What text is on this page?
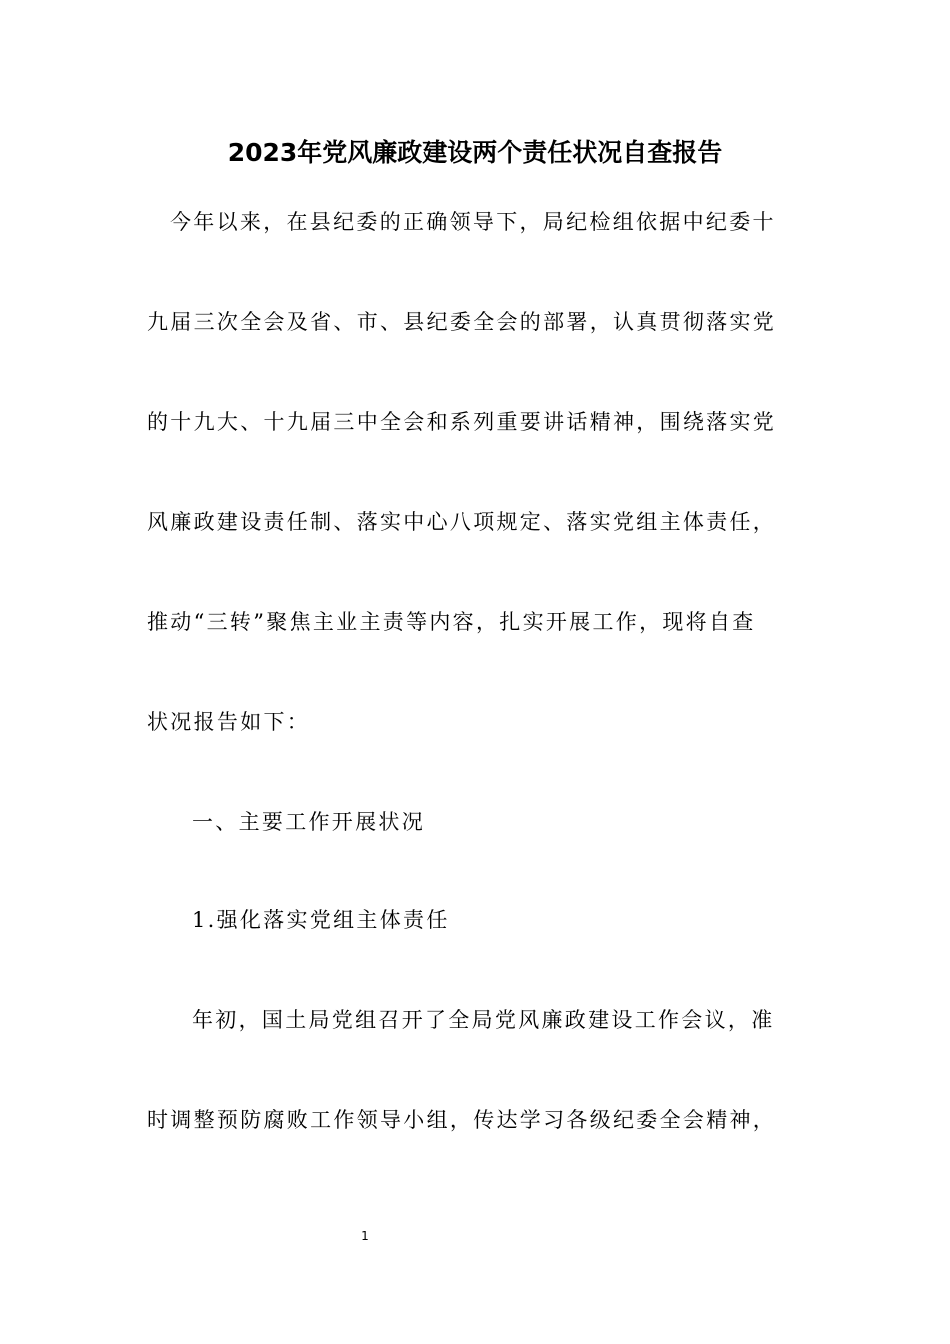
2023年党风廉政建设两个责任状况自查报告

今年以来，在县纪委的正确领导下，局纪检组依据中纪委十

九届三次全会及省、市、县纪委全会的部署，认真贯彻落实党

的十九大、十九届三中全会和系列重要讲话精神，围绕落实党

风廉政建设责任制、落实中心八项规定、落实党组主体责任，

推动“三转”聚焦主业主责等内容，扎实开展工作，现将自查

状况报告如下：

一、主要工作开展状况

1.强化落实党组主体责任

年初，国土局党组召开了全局党风廉政建设工作会议，准

时调整预防腐败工作领导小组，传达学习各级纪委全会精神，

1
